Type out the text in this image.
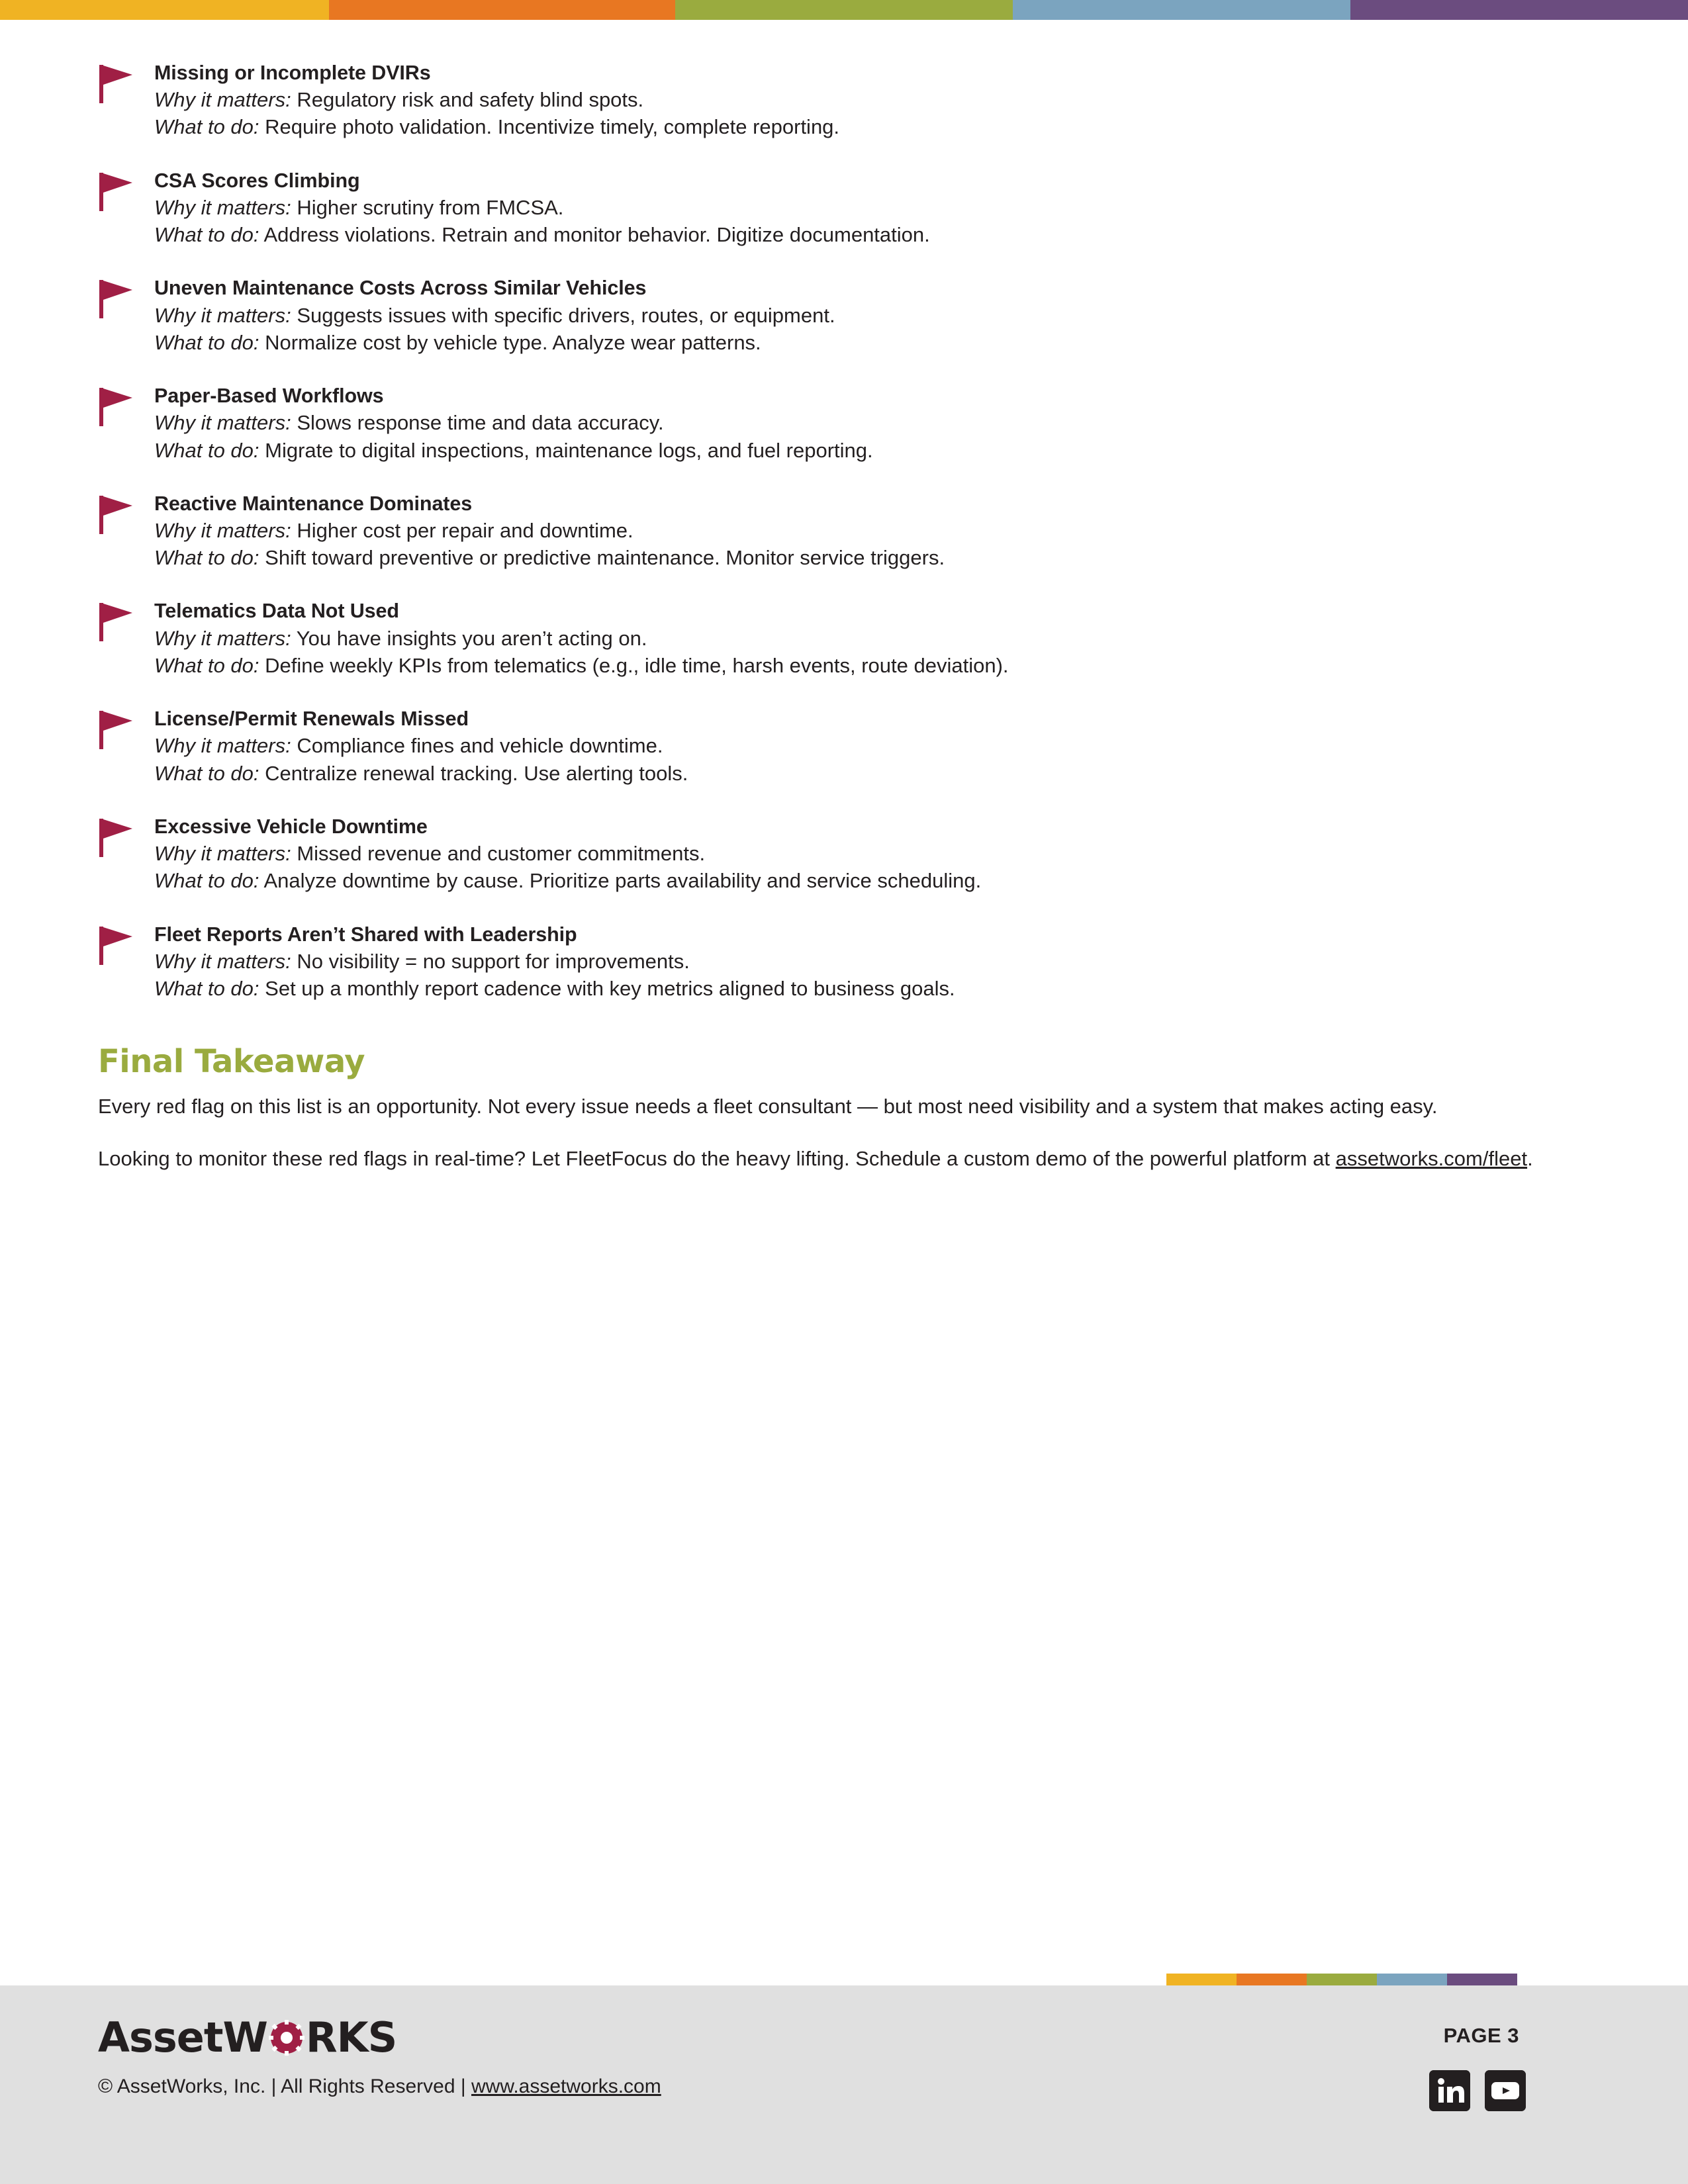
Missing or Incomplete DVIRs
Why it matters: Regulatory risk and safety blind spots.
What to do: Require photo validation. Incentivize timely, complete reporting.
CSA Scores Climbing
Why it matters: Higher scrutiny from FMCSA.
What to do: Address violations. Retrain and monitor behavior. Digitize documentation.
Uneven Maintenance Costs Across Similar Vehicles
Why it matters: Suggests issues with specific drivers, routes, or equipment.
What to do: Normalize cost by vehicle type. Analyze wear patterns.
Paper-Based Workflows
Why it matters: Slows response time and data accuracy.
What to do: Migrate to digital inspections, maintenance logs, and fuel reporting.
Reactive Maintenance Dominates
Why it matters: Higher cost per repair and downtime.
What to do: Shift toward preventive or predictive maintenance. Monitor service triggers.
Telematics Data Not Used
Why it matters: You have insights you aren’t acting on.
What to do: Define weekly KPIs from telematics (e.g., idle time, harsh events, route deviation).
License/Permit Renewals Missed
Why it matters: Compliance fines and vehicle downtime.
What to do: Centralize renewal tracking. Use alerting tools.
Excessive Vehicle Downtime
Why it matters: Missed revenue and customer commitments.
What to do: Analyze downtime by cause. Prioritize parts availability and service scheduling.
Fleet Reports Aren’t Shared with Leadership
Why it matters: No visibility = no support for improvements.
What to do: Set up a monthly report cadence with key metrics aligned to business goals.
Final Takeaway

Every red flag on this list is an opportunity. Not every issue needs a fleet consultant — but most need visibility and a system that makes acting easy.

Looking to monitor these red flags in real-time? Let FleetFocus do the heavy lifting. Schedule a custom demo of the powerful platform at assetworks.com/fleet.

AssetW RKS
© AssetWorks, Inc. | All Rights Reserved | www.assetworks.com
PAGE 3
